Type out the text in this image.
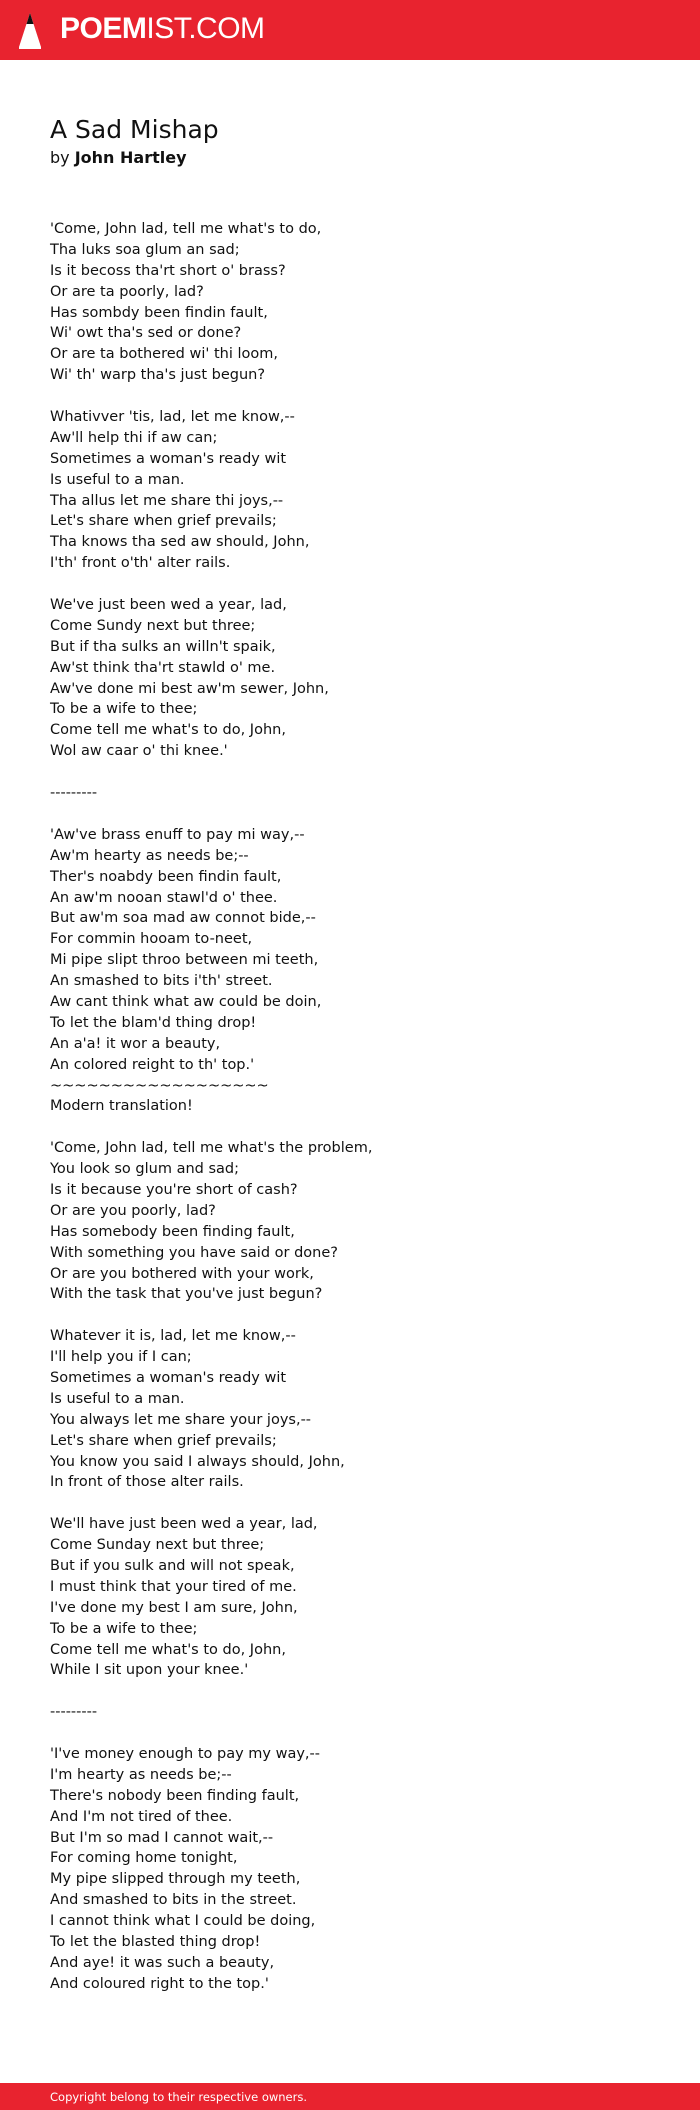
POEMIST.COM
A Sad Mishap
by John Hartley
'Come, John lad, tell me what's to do,
Tha luks soa glum an sad;
Is it becoss tha'rt short o' brass?
Or are ta poorly, lad?
Has sombdy been findin fault,
Wi' owt tha's sed or done?
Or are ta bothered wi' thi loom,
Wi' th' warp tha's just begun?
Whativver 'tis, lad, let me know,--
Aw'll help thi if aw can;
Sometimes a woman's ready wit
Is useful to a man.
Tha allus let me share thi joys,--
Let's share when grief prevails;
Tha knows tha sed aw should, John,
I'th' front o'th' alter rails.
We've just been wed a year, lad,
Come Sundy next but three;
But if tha sulks an willn't spaik,
Aw'st think tha'rt stawld o' me.
Aw've done mi best aw'm sewer, John,
To be a wife to thee;
Come tell me what's to do, John,
Wol aw caar o' thi knee.'
---------
'Aw've brass enuff to pay mi way,--
Aw'm hearty as needs be;--
Ther's noabdy been findin fault,
An aw'm nooan stawl'd o' thee.
But aw'm soa mad aw connot bide,--
For commin hooam to-neet,
Mi pipe slipt throo between mi teeth,
An smashed to bits i'th' street.
Aw cant think what aw could be doin,
To let the blam'd thing drop!
An a'a! it wor a beauty,
An colored reight to th' top.'
~~~~~~~~~~~~~~~~~~
Modern translation!
'Come, John lad, tell me what's the problem,
You look so glum and sad;
Is it because you're short of cash?
Or are you poorly, lad?
Has somebody been finding fault,
With something you have said or done?
Or are you bothered with your work,
With the task that you've just begun?
Whatever it is, lad, let me know,--
I'll help you if I can;
Sometimes a woman's ready wit
Is useful to a man.
You always let me share your joys,--
Let's share when grief prevails;
You know you said I always should, John,
In front of those alter rails.
We'll have just been wed a year, lad,
Come Sunday next but three;
But if you sulk and will not speak,
I must think that your tired of me.
I've done my best I am sure, John,
To be a wife to thee;
Come tell me what's to do, John,
While I sit upon your knee.'
---------
'I've money enough to pay my way,--
I'm hearty as needs be;--
There's nobody been finding fault,
And I'm not tired of thee.
But I'm so mad I cannot wait,--
For coming home tonight,
My pipe slipped through my teeth,
And smashed to bits in the street.
I cannot think what I could be doing,
To let the blasted thing drop!
And aye! it was such a beauty,
And coloured right to the top.'
Copyright belong to their respective owners.
